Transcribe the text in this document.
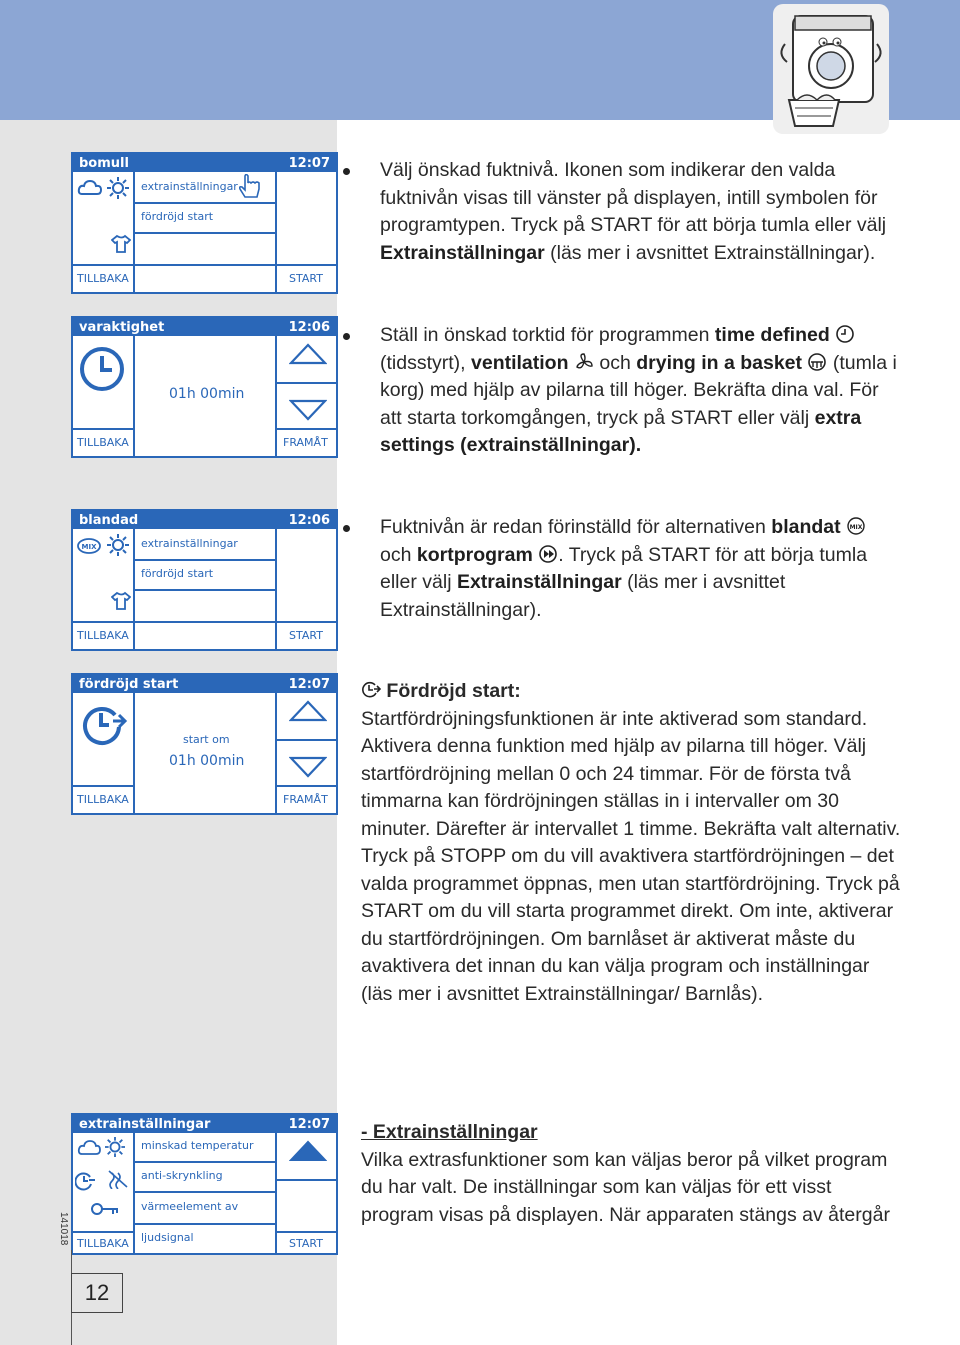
bomull	12:07
extrainställningar
fördröjd start
TILLBAKA	START
varaktighet	12:06
01h 00min
TILLBAKA	FRAMÅT
blandad	12:06
MIX	extrainställningar
fördröjd start
TILLBAKA	START
fördröjd start	12:07
start om
01h 00min
TILLBAKA	FRAMÅT
extrainställningar	12:07
minskad temperatur
anti-skrynkling
värmeelement av
ljudsignal
TILLBAKA	START
Välj önskad fuktnivå. Ikonen som indikerar den valda fuktnivån visas till vänster på displayen, intill symbolen för programtypen. Tryck på START för att börja tumla eller välj Extrainställningar (läs mer i avsnittet Extrainställningar).
Ställ in önskad torktid för programmen time defined  (tidsstyrt), ventilation  och drying in a basket  (tumla i korg) med hjälp av pilarna till höger. Bekräfta dina val. För att starta torkomgången, tryck på START eller välj extra settings (extrainställningar).
Fuktnivån är redan förinställd för alternativen blandat MIX
och kortprogram . Tryck på START för att börja tumla eller välj Extrainställningar (läs mer i avsnittet Extrainställningar).
Fördröjd start:
Startfördröjningsfunktionen är inte aktiverad som standard. Aktivera denna funktion med hjälp av pilarna till höger. Välj startfördröjning mellan 0 och 24 timmar. För de första två timmarna kan fördröjningen ställas in i intervaller om 30 minuter. Därefter är intervallet 1 timme. Bekräfta valt alternativ. Tryck på STOPP om du vill avaktivera startfördröjningen – det valda programmet öppnas, men utan startfördröjning. Tryck på START om du vill starta programmet direkt. Om inte, aktiverar du startfördröjningen. Om barnlåset är aktiverat måste du avaktivera det innan du kan välja program och inställningar (läs mer i avsnittet Extrainställningar/ Barnlås).
- Extrainställningar
Vilka extrasfunktioner som kan väljas beror på vilket program du har valt. De inställningar som kan väljas för ett visst program visas på displayen. När apparaten stängs av återgår
141018
12
